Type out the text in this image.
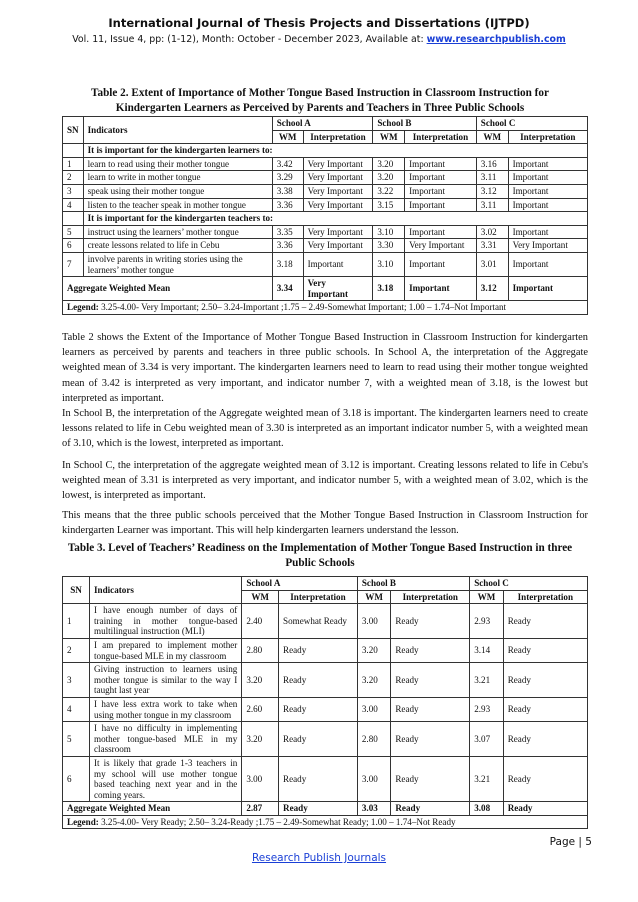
International Journal of Thesis Projects and Dissertations (IJTPD)
Vol. 11, Issue 4, pp: (1-12), Month: October - December 2023, Available at: www.researchpublish.com
Table 2. Extent of Importance of Mother Tongue Based Instruction in Classroom Instruction for Kindergarten Learners as Perceived by Parents and Teachers in Three Public Schools
SN	Indicators	School A		School B		School C	
		WM	Interpretation	WM	Interpretation	WM	Interpretation
	It is important for the kindergarten learners to:						
1	learn to read using their mother tongue	3.42	Very Important	3.20	Important	3.16	Important
2	learn to write in mother tongue	3.29	Very Important	3.20	Important	3.11	Important
3	speak using their mother tongue	3.38	Very Important	3.22	Important	3.12	Important
4	listen to the teacher speak in mother tongue	3.36	Very Important	3.15	Important	3.11	Important
	It is important for the kindergarten teachers to:						
5	instruct using the learners’ mother tongue	3.35	Very Important	3.10	Important	3.02	Important
6	create lessons related to life in Cebu	3.36	Very Important	3.30	Very Important	3.31	Very Important
7	involve parents in writing stories using the learners’ mother tongue	3.18	Important	3.10	Important	3.01	Important
Aggregate Weighted Mean		3.34	Very Important	3.18	Important	3.12	Important
Legend: 3.25-4.00- Very Important; 2.50– 3.24-Important ;1.75 – 2.49-Somewhat Important; 1.00 – 1.74–Not Important							

Table 2 shows the Extent of the Importance of Mother Tongue Based Instruction in Classroom Instruction for kindergarten learners as perceived by parents and teachers in three public schools. In School A, the interpretation of the Aggregate weighted mean of 3.34 is very important. The kindergarten learners need to learn to read using their mother tongue weighted mean of 3.42 is interpreted as very important, and indicator number 7, with a weighted mean of 3.18, is the lowest but interpreted as important.

In School B, the interpretation of the Aggregate weighted mean of 3.18 is important. The kindergarten learners need to create lessons related to life in Cebu weighted mean of 3.30 is interpreted as an important indicator number 5, with a weighted mean of 3.10, which is the lowest, interpreted as important.

In School C, the interpretation of the aggregate weighted mean of 3.12 is important. Creating lessons related to life in Cebu's weighted mean of 3.31 is interpreted as very important, and indicator number 5, with a weighted mean of 3.02, which is the lowest, is interpreted as important.

This means that the three public schools perceived that the Mother Tongue Based Instruction in Classroom Instruction for kindergarten Learner was important. This will help kindergarten learners understand the lesson.

Table 3. Level of Teachers’ Readiness on the Implementation of Mother Tongue Based Instruction in three Public Schools
SN	Indicators	School A		School B		School C	
		WM	Interpretation	WM	Interpretation	WM	Interpretation
1	I have enough number of days of training in mother tongue-based multilingual instruction (MLI)	2.40	Somewhat Ready	3.00	Ready	2.93	Ready
2	I am prepared to implement mother tongue-based MLE in my classroom	2.80	Ready	3.20	Ready	3.14	Ready
3	Giving instruction to learners using mother tongue is similar to the way I taught last year	3.20	Ready	3.20	Ready	3.21	Ready
4	I have less extra work to take when using mother tongue in my classroom	2.60	Ready	3.00	Ready	2.93	Ready
5	I have no difficulty in implementing mother tongue-based MLE in my classroom	3.20	Ready	2.80	Ready	3.07	Ready
6	It is likely that grade 1-3 teachers in my school will use mother tongue based teaching next year and in the coming years.	3.00	Ready	3.00	Ready	3.21	Ready
Aggregate Weighted Mean		2.87	Ready	3.03	Ready	3.08	Ready
Legend: 3.25-4.00- Very Ready; 2.50– 3.24-Ready ;1.75 – 2.49-Somewhat Ready; 1.00 – 1.74–Not Ready							
Page | 5
Research Publish Journals
